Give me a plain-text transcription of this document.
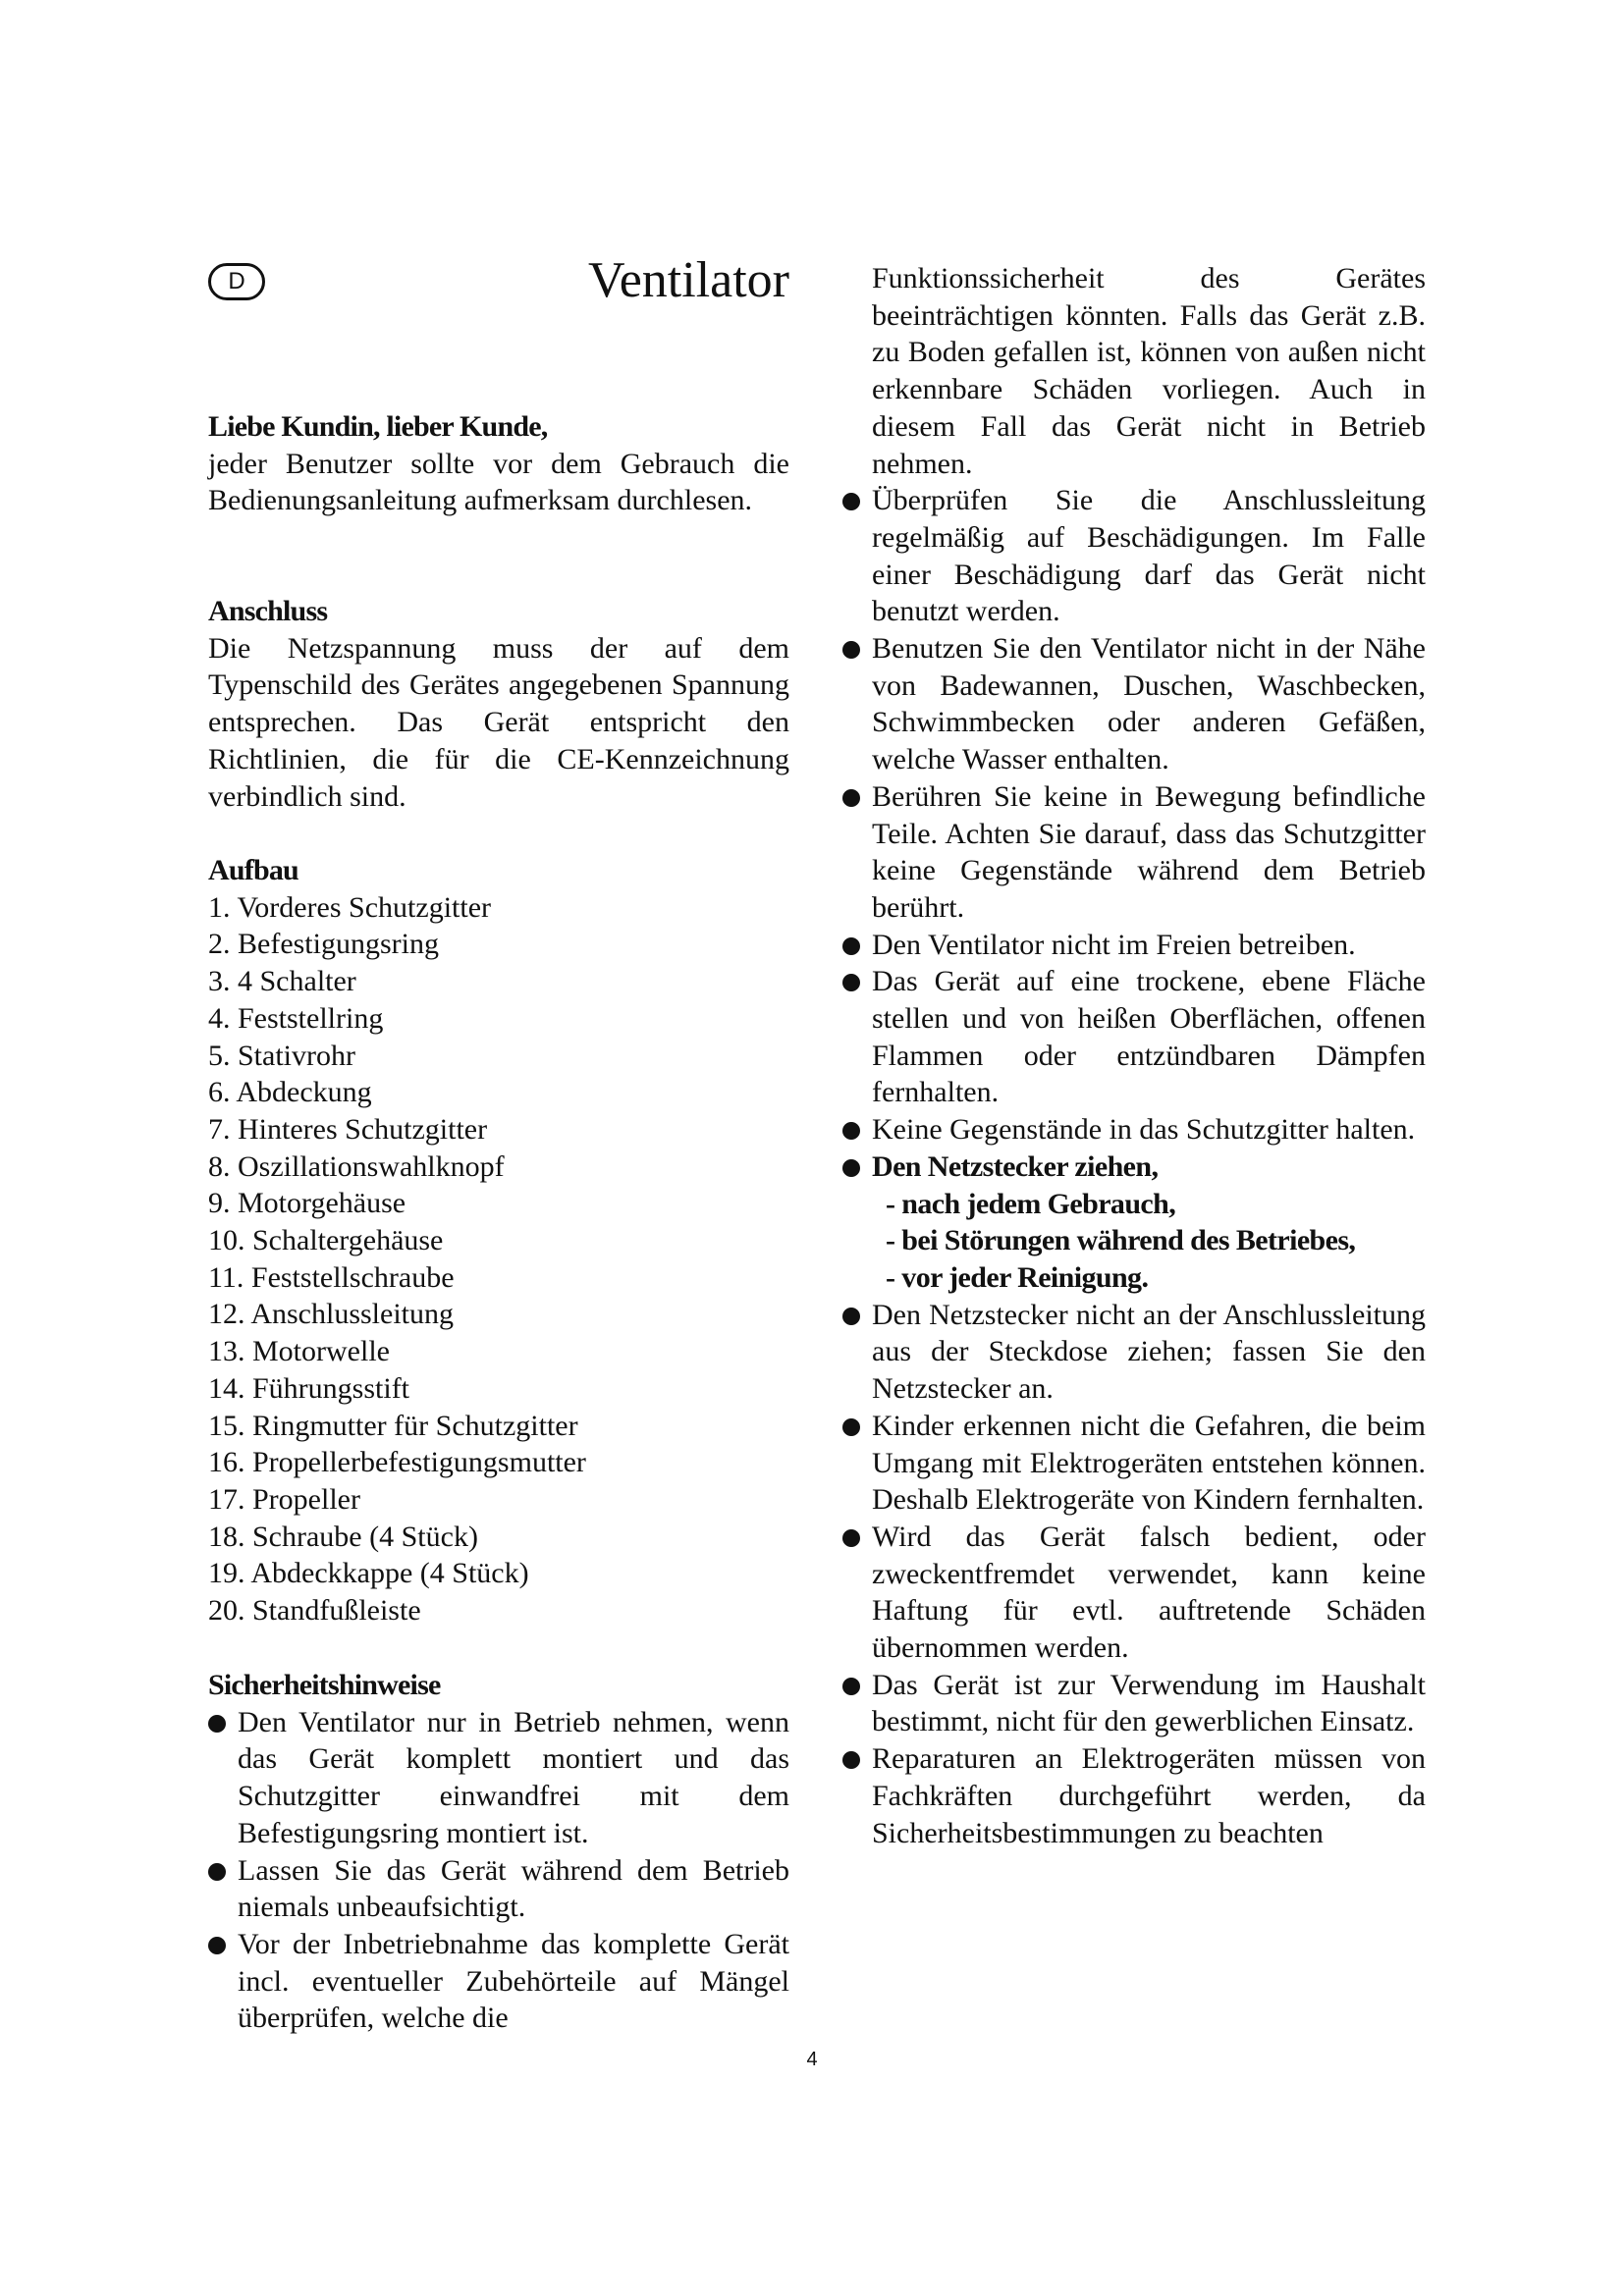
D	Ventilator
Liebe Kundin, lieber Kunde,
jeder Benutzer sollte vor dem Gebrauch die Bedienungsanleitung aufmerksam durchlesen.
Anschluss
Die Netzspannung muss der auf dem Typenschild des Gerätes angegebenen Spannung entsprechen. Das Gerät entspricht den Richtlinien, die für die CE-Kennzeichnung verbindlich sind.
Aufbau
1. Vorderes Schutzgitter
2. Befestigungsring
3. 4 Schalter
4. Feststellring
5. Stativrohr
6. Abdeckung
7. Hinteres Schutzgitter
8. Oszillationswahlknopf
9. Motorgehäuse
10. Schaltergehäuse
11. Feststellschraube
12. Anschlussleitung
13. Motorwelle
14. Führungsstift
15. Ringmutter für Schutzgitter
16. Propellerbefestigungsmutter
17. Propeller
18. Schraube (4 Stück)
19. Abdeckkappe (4 Stück)
20. Standfußleiste
Sicherheitshinweise
Den Ventilator nur in Betrieb nehmen, wenn das Gerät komplett montiert und das Schutzgitter einwandfrei mit dem Befestigungsring montiert ist.
Lassen Sie das Gerät während dem Betrieb niemals unbeaufsichtigt.
Vor der Inbetriebnahme das komplette Gerät incl. eventueller Zubehörteile auf Mängel überprüfen, welche die
Funktionssicherheit des Gerätes beeinträchtigen könnten. Falls das Gerät z.B. zu Boden gefallen ist, können von außen nicht erkennbare Schäden vorliegen. Auch in diesem Fall das Gerät nicht in Betrieb nehmen.
Überprüfen Sie die Anschlussleitung regelmäßig auf Beschädigungen. Im Falle einer Beschädigung darf das Gerät nicht benutzt werden.
Benutzen Sie den Ventilator nicht in der Nähe von Badewannen, Duschen, Waschbecken, Schwimmbecken oder anderen Gefäßen, welche Wasser enthalten.
Berühren Sie keine in Bewegung befindliche Teile. Achten Sie darauf, dass das Schutzgitter keine Gegenstände während dem Betrieb berührt.
Den Ventilator nicht im Freien betreiben.
Das Gerät auf eine trockene, ebene Fläche stellen und von heißen Oberflächen, offenen Flammen oder entzündbaren Dämpfen fernhalten.
Keine Gegenstände in das Schutzgitter halten.
Den Netzstecker ziehen,
- nach jedem Gebrauch,
- bei Störungen während des Betriebes,
- vor jeder Reinigung.
Den Netzstecker nicht an der Anschlussleitung aus der Steckdose ziehen; fassen Sie den Netzstecker an.
Kinder erkennen nicht die Gefahren, die beim Umgang mit Elektrogeräten entstehen können. Deshalb Elektrogeräte von Kindern fernhalten.
Wird das Gerät falsch bedient, oder zweckentfremdet verwendet, kann keine Haftung für evtl. auftretende Schäden übernommen werden.
Das Gerät ist zur Verwendung im Haushalt bestimmt, nicht für den gewerblichen Einsatz.
Reparaturen an Elektrogeräten müssen von Fachkräften durchgeführt werden, da Sicherheitsbestimmungen zu beachten
4
